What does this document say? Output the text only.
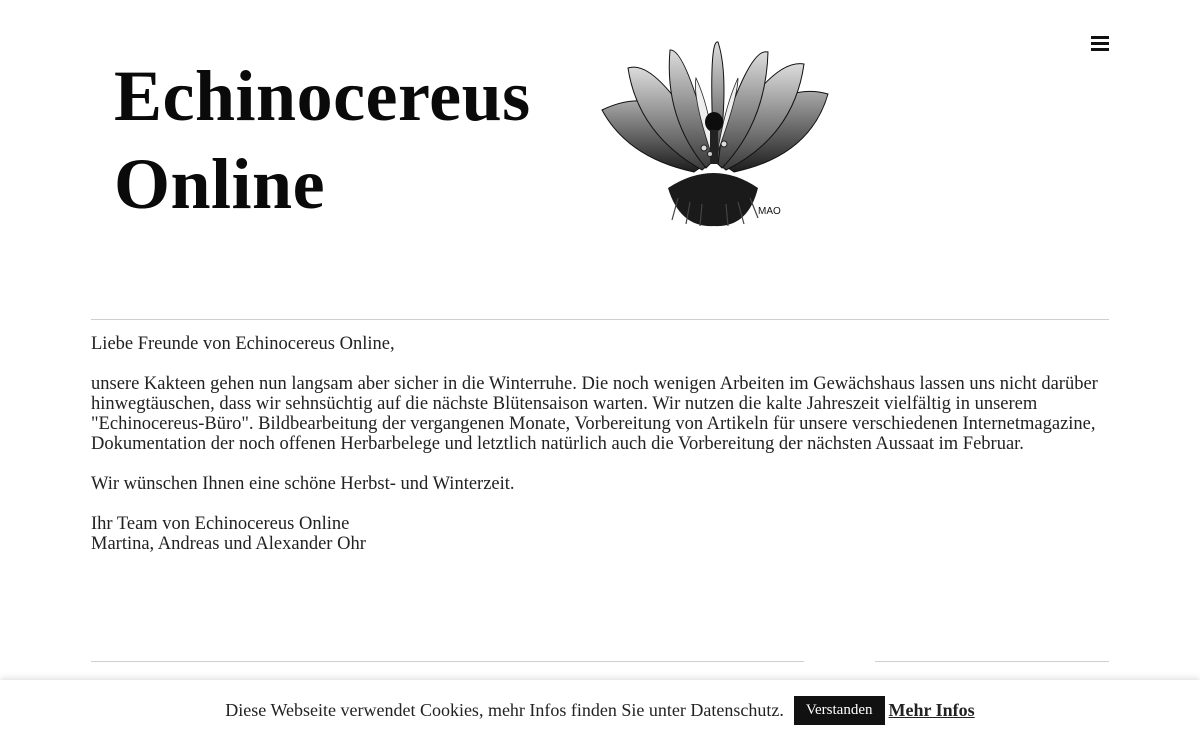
Echinocereus
Online	MAO

Liebe Freunde von Echinocereus Online,

unsere Kakteen gehen nun langsam aber sicher in die Winterruhe. Die noch wenigen Arbeiten im Gewächshaus lassen uns nicht darüber hinwegtäuschen, dass wir sehnsüchtig auf die nächste Blütensaison warten. Wir nutzen die kalte Jahreszeit vielfältig in unserem "Echinocereus-Büro". Bildbearbeitung der vergangenen Monate, Vorbereitung von Artikeln für unsere verschiedenen Internetmagazine, Dokumentation der noch offenen Herbarbelege und letztlich natürlich auch die Vorbereitung der nächsten Aussaat im Februar.

Wir wünschen Ihnen eine schöne Herbst- und Winterzeit.

Ihr Team von Echinocereus Online
Martina, Andreas und Alexander Ohr

Diese Webseite verwendet Cookies, mehr Infos finden Sie unter Datenschutz.	Verstanden Mehr Infos
